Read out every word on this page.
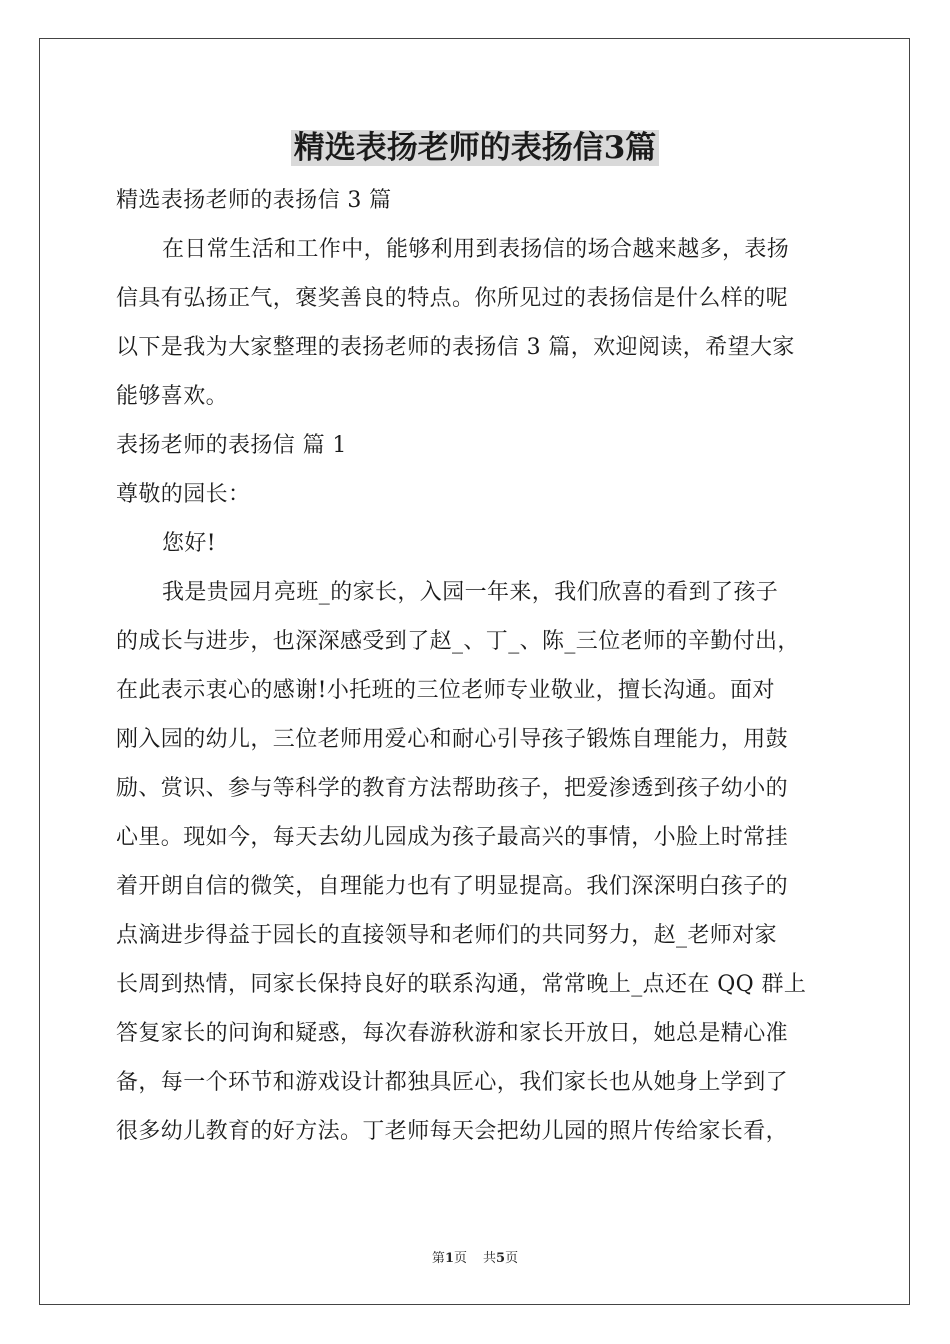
精选表扬老师的表扬信3篇
精选表扬老师的表扬信 3 篇
在日常生活和工作中，能够利用到表扬信的场合越来越多，表扬
信具有弘扬正气，褒奖善良的特点。你所见过的表扬信是什么样的呢
以下是我为大家整理的表扬老师的表扬信 3 篇，欢迎阅读，希望大家
能够喜欢。
表扬老师的表扬信 篇 1
尊敬的园长：
您好!
我是贵园月亮班_的家长，入园一年来，我们欣喜的看到了孩子
的成长与进步，也深深感受到了赵_、丁_、陈_三位老师的辛勤付出，
在此表示衷心的感谢!小托班的三位老师专业敬业，擅长沟通。面对
刚入园的幼儿，三位老师用爱心和耐心引导孩子锻炼自理能力，用鼓
励、赏识、参与等科学的教育方法帮助孩子，把爱渗透到孩子幼小的
心里。现如今，每天去幼儿园成为孩子最高兴的事情，小脸上时常挂
着开朗自信的微笑，自理能力也有了明显提高。我们深深明白孩子的
点滴进步得益于园长的直接领导和老师们的共同努力，赵_老师对家
长周到热情，同家长保持良好的联系沟通，常常晚上_点还在 QQ 群上
答复家长的问询和疑惑，每次春游秋游和家长开放日，她总是精心准
备，每一个环节和游戏设计都独具匠心，我们家长也从她身上学到了
很多幼儿教育的好方法。丁老师每天会把幼儿园的照片传给家长看，
第1页 共5页
